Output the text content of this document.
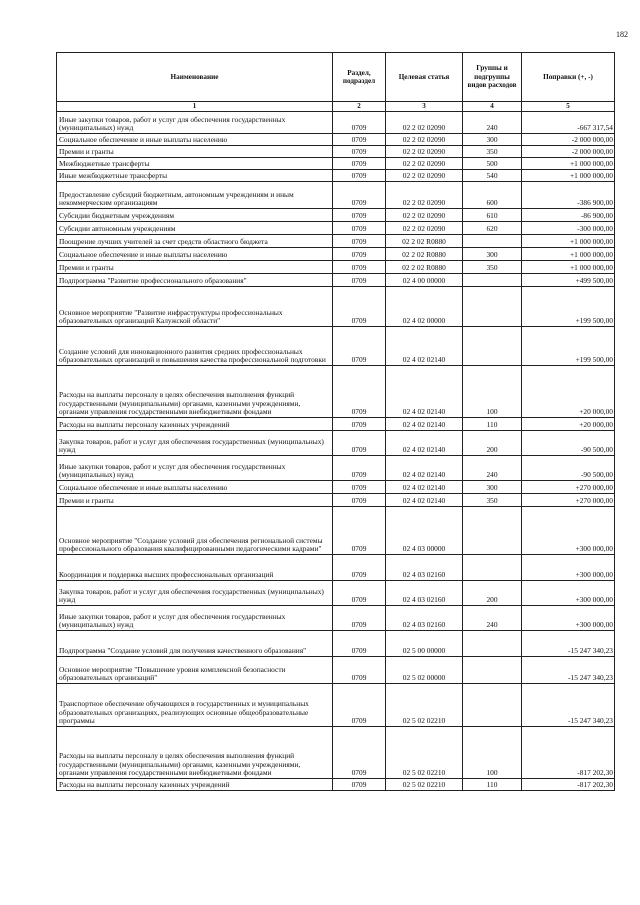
182
Наименование	Раздел, подраздел	Целевая статья	Группы и подгруппы видов расходов	Поправки (+, -)
1	2	3	4	5
Иные закупки товаров, работ и услуг для обеспечения государственных (муниципальных) нужд	0709	02 2 02 02090	240	-667 317,54
Социальное обеспечение и иные выплаты населению	0709	02 2 02 02090	300	-2 000 000,00
Премии и гранты	0709	02 2 02 02090	350	-2 000 000,00
Межбюджетные трансферты	0709	02 2 02 02090	500	+1 000 000,00
Иные межбюджетные трансферты	0709	02 2 02 02090	540	+1 000 000,00
Предоставление субсидий бюджетным, автономным учреждениям и иным некоммерческим организациям	0709	02 2 02 02090	600	-386 900,00
Субсидии бюджетным учреждениям	0709	02 2 02 02090	610	-86 900,00
Субсидии автономным учреждениям	0709	02 2 02 02090	620	-300 000,00
Поощрение лучших учителей за счет средств областного бюджета	0709	02 2 02 R0880		+1 000 000,00
Социальное обеспечение и иные выплаты населению	0709	02 2 02 R0880	300	+1 000 000,00
Премии и гранты	0709	02 2 02 R0880	350	+1 000 000,00
Подпрограмма "Развитие профессионального образования"	0709	02 4 00 00000		+499 500,00
Основное мероприятие "Развитие инфраструктуры профессиональных образовательных организаций Калужской области"	0709	02 4 02 00000		+199 500,00
Создание условий для инновационного развития средних профессиональных образовательных организаций и повышения качества профессиональной подготовки	0709	02 4 02 02140		+199 500,00
Расходы на выплаты персоналу в целях обеспечения выполнения функций государственными (муниципальными) органами, казенными учреждениями, органами управления государственными внебюджетными фондами	0709	02 4 02 02140	100	+20 000,00
Расходы на выплаты персоналу казенных учреждений	0709	02 4 02 02140	110	+20 000,00
Закупка товаров, работ и услуг для обеспечения государственных (муниципальных) нужд	0709	02 4 02 02140	200	-90 500,00
Иные закупки товаров, работ и услуг для обеспечения государственных (муниципальных) нужд	0709	02 4 02 02140	240	-90 500,00
Социальное обеспечение и иные выплаты населению	0709	02 4 02 02140	300	+270 000,00
Премии и гранты	0709	02 4 02 02140	350	+270 000,00
Основное мероприятие "Создание условий для обеспечения региональной системы профессионального образования квалифицированными педагогическими кадрами"	0709	02 4 03 00000		+300 000,00
Координация и поддержка высших профессиональных организаций	0709	02 4 03 02160		+300 000,00
Закупка товаров, работ и услуг для обеспечения государственных (муниципальных) нужд	0709	02 4 03 02160	200	+300 000,00
Иные закупки товаров, работ и услуг для обеспечения государственных (муниципальных) нужд	0709	02 4 03 02160	240	+300 000,00
Подпрограмма "Создание условий для получения качественного образования"	0709	02 5 00 00000		-15 247 340,23
Основное мероприятие "Повышение уровня комплексной безопасности образовательных организаций"	0709	02 5 02 00000		-15 247 340,23
Транспортное обеспечение обучающихся в государственных и муниципальных образовательных организациях, реализующих основные общеобразовательные программы	0709	02 5 02 02210		-15 247 340,23
Расходы на выплаты персоналу в целях обеспечения выполнения функций государственными (муниципальными) органами, казенными учреждениями, органами управления государственными внебюджетными фондами	0709	02 5 02 02210	100	-817 202,30
Расходы на выплаты персоналу казенных учреждений	0709	02 5 02 02210	110	-817 202,30
